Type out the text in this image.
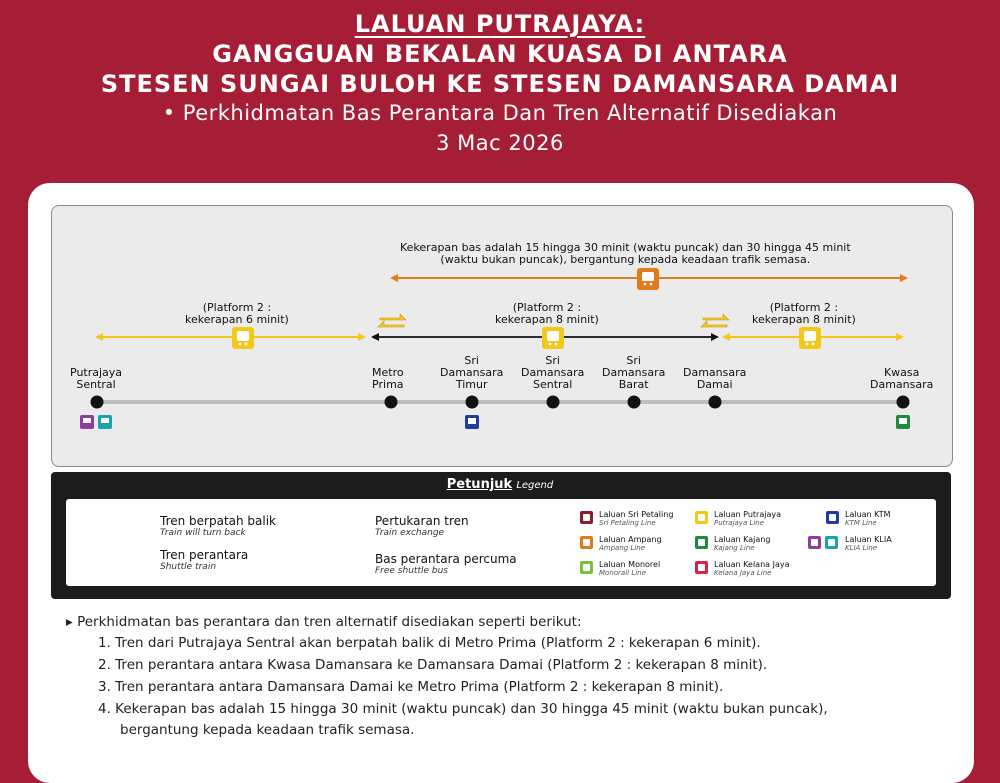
LALUAN PUTRAJAYA:
GANGGUAN BEKALAN KUASA DI ANTARA
STESEN SUNGAI BULOH KE STESEN DAMANSARA DAMAI
• Perkhidmatan Bas Perantara Dan Tren Alternatif Disediakan
3 Mac 2026
Kekerapan bas adalah 15 hingga 30 minit (waktu puncak) dan 30 hingga 45 minit
(waktu bukan puncak), bergantung kepada keadaan trafik semasa.
(Platform 2 :
kekerapan 6 minit)
(Platform 2 :
kekerapan 8 minit)
(Platform 2 :
kekerapan 8 minit)
Putrajaya
Sentral
Metro
Prima
Sri
Damansara
Timur
Sri
Damansara
Sentral
Sri
Damansara
Barat
Damansara
Damai
Kwasa
Damansara
Petunjuk Legend
Tren berpatah balik
Train will turn back
Tren perantara
Shuttle train
Pertukaran tren
Train exchange
Bas perantara percuma
Free shuttle bus
Laluan Sri Petaling
Sri Petaling Line
Laluan Ampang
Ampang Line
Laluan Monorel
Monorail Line
Laluan Putrajaya
Putrajaya Line
Laluan Kajang
Kajang Line
Laluan Kelana Jaya
Kelana Jaya Line
Laluan KTM
KTM Line
Laluan KLIA
KLIA Line
▸ Perkhidmatan bas perantara dan tren alternatif disediakan seperti berikut:
1. Tren dari Putrajaya Sentral akan berpatah balik di Metro Prima (Platform 2 : kekerapan 6 minit).
2. Tren perantara antara Kwasa Damansara ke Damansara Damai (Platform 2 : kekerapan 8 minit).
3. Tren perantara antara Damansara Damai ke Metro Prima (Platform 2 : kekerapan 8 minit).
4. Kekerapan bas adalah 15 hingga 30 minit (waktu puncak) dan 30 hingga 45 minit (waktu bukan puncak),
bergantung kepada keadaan trafik semasa.
